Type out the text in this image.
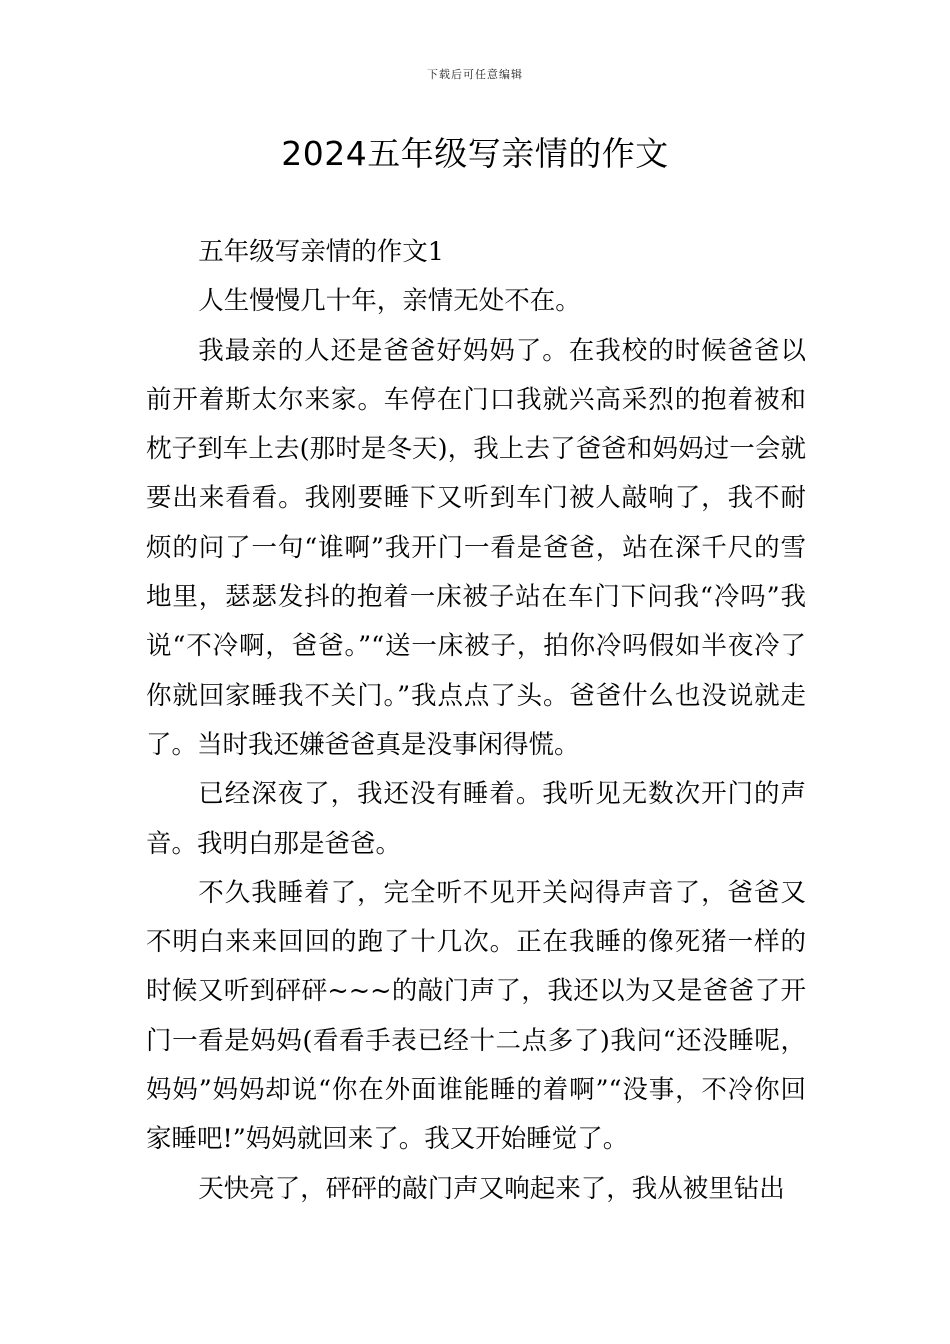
下载后可任意编辑
2024五年级写亲情的作文

五年级写亲情的作文1

人生慢慢几十年，亲情无处不在。

我最亲的人还是爸爸好妈妈了。在我校的时候爸爸以前开着斯太尔来家。车停在门口我就兴高采烈的抱着被和枕子到车上去(那时是冬天)，我上去了爸爸和妈妈过一会就要出来看看。我刚要睡下又听到车门被人敲响了，我不耐烦的问了一句“谁啊”我开门一看是爸爸，站在深千尺的雪地里，瑟瑟发抖的抱着一床被子站在车门下问我“冷吗”我说“不冷啊，爸爸。”“送一床被子，拍你冷吗假如半夜冷了你就回家睡我不关门。”我点点了头。爸爸什么也没说就走了。当时我还嫌爸爸真是没事闲得慌。

已经深夜了，我还没有睡着。我听见无数次开门的声音。我明白那是爸爸。

不久我睡着了，完全听不见开关闷得声音了，爸爸又不明白来来回回的跑了十几次。正在我睡的像死猪一样的时候又听到砰砰~~~的敲门声了，我还以为又是爸爸了开门一看是妈妈(看看手表已经十二点多了)我问“还没睡呢，妈妈”妈妈却说“你在外面谁能睡的着啊”“没事，不冷你回家睡吧!”妈妈就回来了。我又开始睡觉了。

天快亮了，砰砰的敲门声又响起来了，我从被里钻出
